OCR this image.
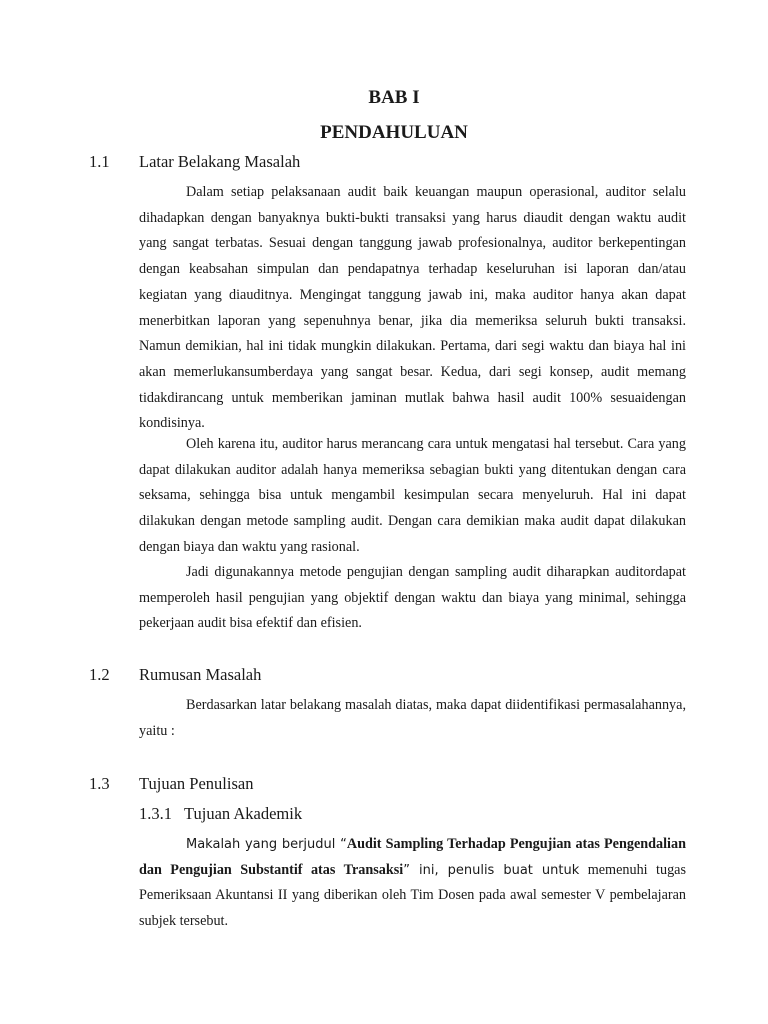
BAB I
PENDAHULUAN
1.1	Latar Belakang Masalah

Dalam setiap pelaksanaan audit baik keuangan maupun operasional, auditor selalu dihadapkan dengan banyaknya bukti-bukti transaksi yang harus diaudit dengan waktu audit yang sangat terbatas. Sesuai dengan tanggung jawab profesionalnya, auditor berkepentingan dengan keabsahan simpulan dan pendapatnya terhadap keseluruhan isi laporan dan/atau kegiatan yang diauditnya. Mengingat tanggung jawab ini, maka auditor hanya akan dapat menerbitkan laporan yang sepenuhnya benar, jika dia memeriksa seluruh bukti transaksi. Namun demikian, hal ini tidak mungkin dilakukan. Pertama, dari segi waktu dan biaya hal ini akan memerlukansumberdaya yang sangat besar. Kedua, dari segi konsep, audit memang tidakdirancang untuk memberikan jaminan mutlak bahwa hasil audit 100% sesuaidengan kondisinya.

Oleh karena itu, auditor harus merancang cara untuk mengatasi hal tersebut. Cara yang dapat dilakukan auditor adalah hanya memeriksa sebagian bukti yang ditentukan dengan cara seksama, sehingga bisa untuk mengambil kesimpulan secara menyeluruh. Hal ini dapat dilakukan dengan metode sampling audit. Dengan cara demikian maka audit dapat dilakukan dengan biaya dan waktu yang rasional.

Jadi digunakannya metode pengujian dengan sampling audit diharapkan auditordapat memperoleh hasil pengujian yang objektif dengan waktu dan biaya yang minimal, sehingga pekerjaan audit bisa efektif dan efisien.

1.2	Rumusan Masalah

Berdasarkan latar belakang masalah diatas, maka dapat diidentifikasi permasalahannya, yaitu :

1.3	Tujuan Penulisan
1.3.1 Tujuan Akademik

Makalah yang berjudul “Audit Sampling Terhadap Pengujian atas Pengendalian dan Pengujian Substantif atas Transaksi” ini, penulis buat untuk memenuhi tugas Pemeriksaan Akuntansi II yang diberikan oleh Tim Dosen pada awal semester V pembelajaran subjek tersebut.
